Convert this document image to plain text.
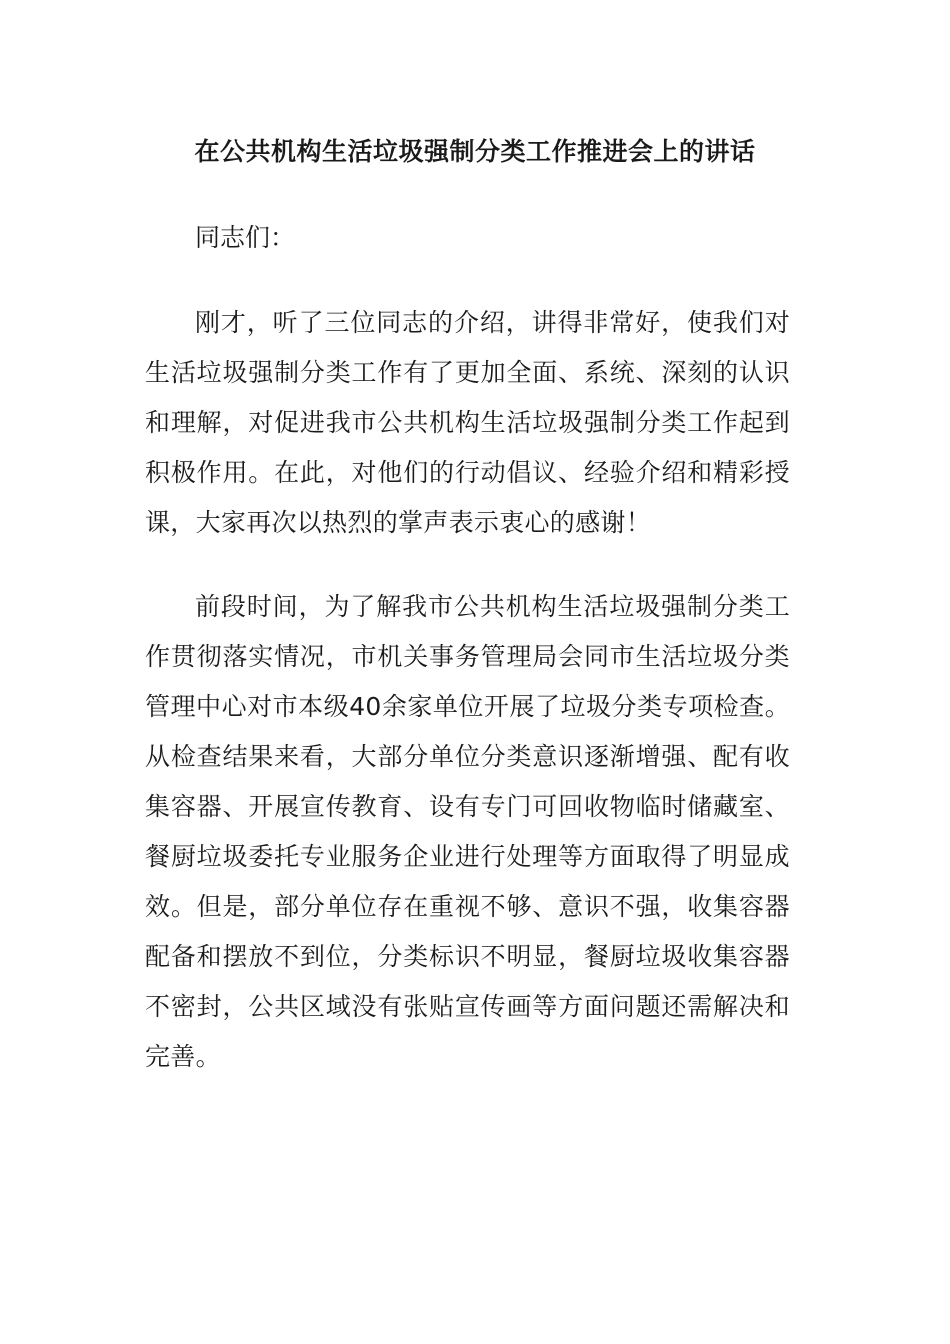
在公共机构生活垃圾强制分类工作推进会上的讲话

同志们：

刚才，听了三位同志的介绍，讲得非常好，使我们对生活垃圾强制分类工作有了更加全面、系统、深刻的认识和理解，对促进我市公共机构生活垃圾强制分类工作起到积极作用。在此，对他们的行动倡议、经验介绍和精彩授课，大家再次以热烈的掌声表示衷心的感谢！

前段时间，为了解我市公共机构生活垃圾强制分类工作贯彻落实情况，市机关事务管理局会同市生活垃圾分类管理中心对市本级40余家单位开展了垃圾分类专项检查。从检查结果来看，大部分单位分类意识逐渐增强、配有收集容器、开展宣传教育、设有专门可回收物临时储藏室、餐厨垃圾委托专业服务企业进行处理等方面取得了明显成效。但是，部分单位存在重视不够、意识不强，收集容器配备和摆放不到位，分类标识不明显，餐厨垃圾收集容器不密封，公共区域没有张贴宣传画等方面问题还需解决和完善。
